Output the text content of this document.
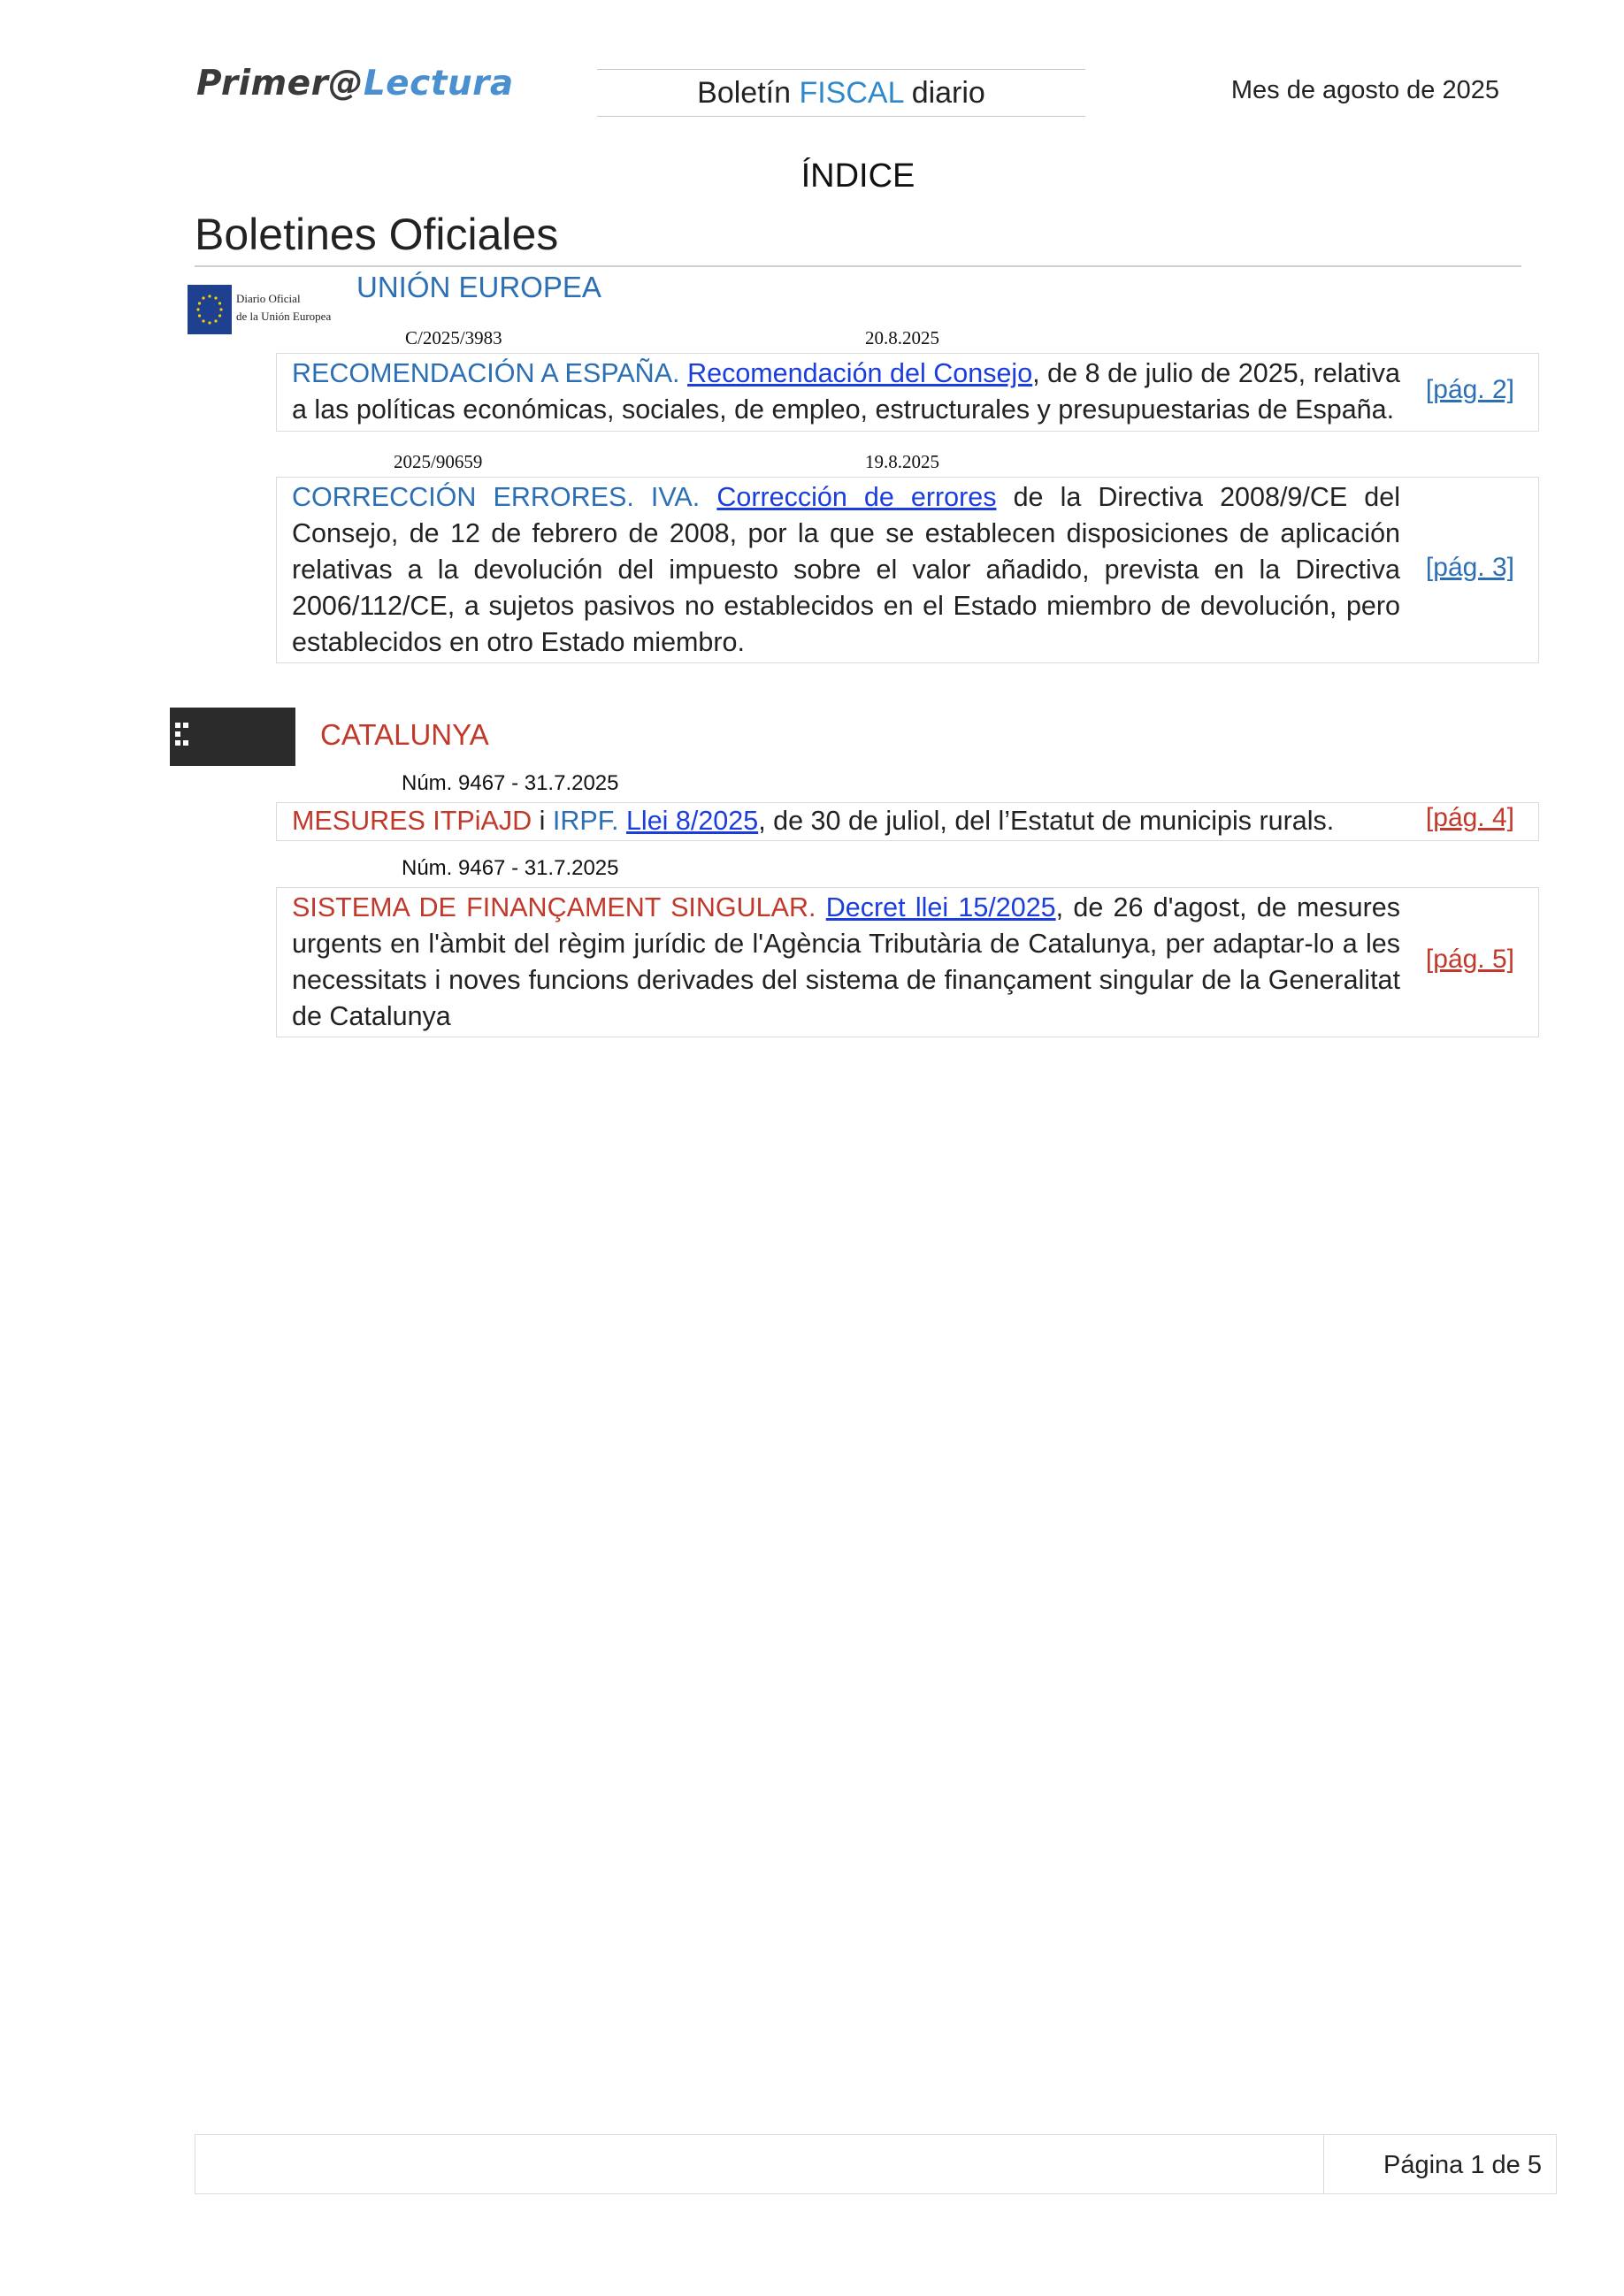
Primer@Lectura	Boletín FISCAL diario	Mes de agosto de 2025
ÍNDICE
Boletines Oficiales
Diario Oficial
de la Unión Europea
UNIÓN EUROPEA
C/2025/3983	20.8.2025
RECOMENDACIÓN A ESPAÑA. Recomendación del Consejo, de 8 de julio de 2025, relativa a las políticas económicas, sociales, de empleo, estructurales y presupuestarias de España.
[pág. 2]
2025/90659	19.8.2025
CORRECCIÓN ERRORES. IVA. Corrección de errores de la Directiva 2008/9/CE del Consejo, de 12 de febrero de 2008, por la que se establecen disposiciones de aplicación relativas a la devolución del impuesto sobre el valor añadido, prevista en la Directiva 2006/112/CE, a sujetos pasivos no establecidos en el Estado miembro de devolución, pero establecidos en otro Estado miembro.
[pág. 3]
gencat
CATALUNYA
Núm. 9467 - 31.7.2025
MESURES ITPiAJD i IRPF. Llei 8/2025, de 30 de juliol, del l’Estatut de municipis rurals.	[pág. 4]
Núm. 9467 - 31.7.2025
SISTEMA DE FINANÇAMENT SINGULAR. Decret llei 15/2025, de 26 d'agost, de mesures urgents en l'àmbit del règim jurídic de l'Agència Tributària de Catalunya, per adaptar-lo a les necessitats i noves funcions derivades del sistema de finançament singular de la Generalitat de Catalunya
[pág. 5]
Página 1 de 5
